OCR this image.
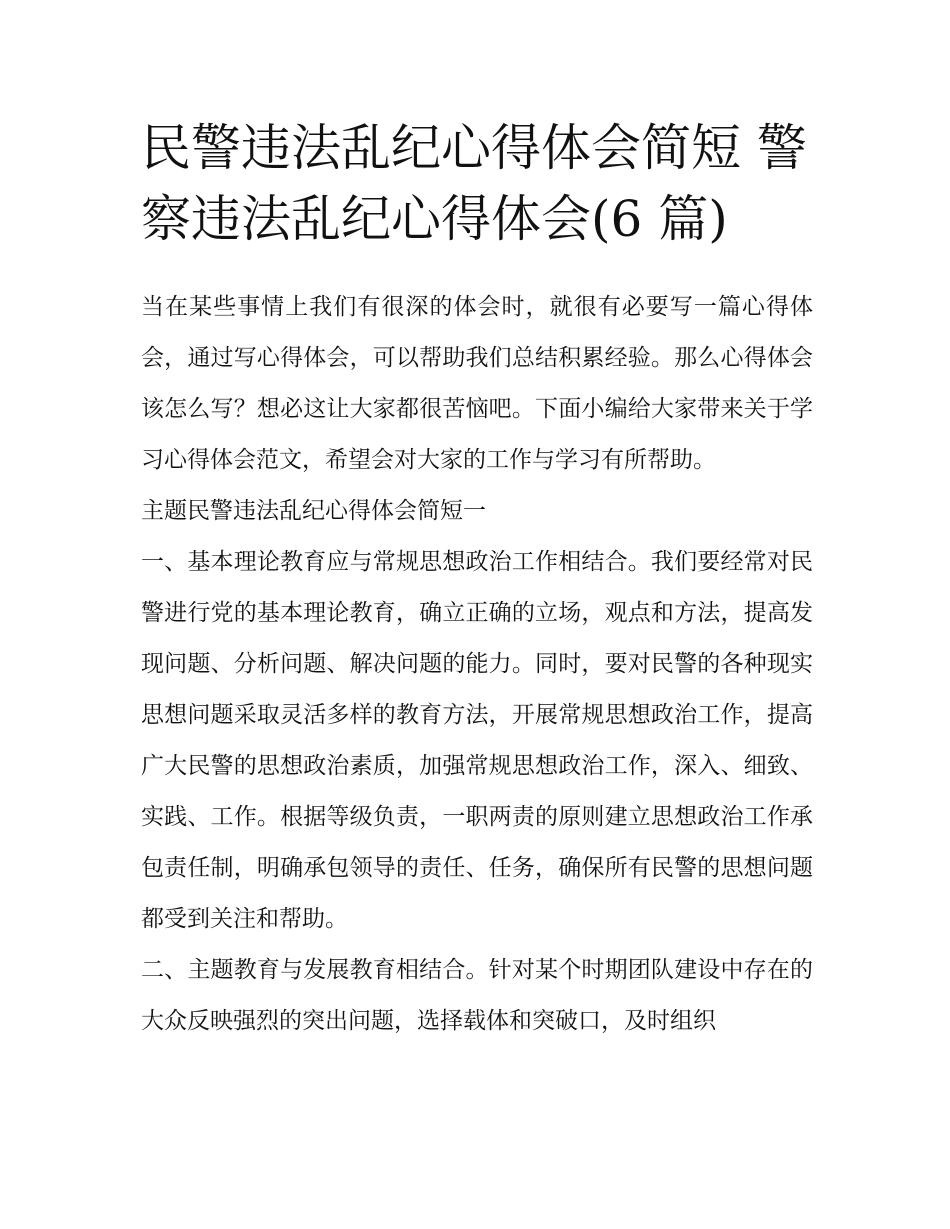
民警违法乱纪心得体会简短 警
察违法乱纪心得体会(6 篇)

当在某些事情上我们有很深的体会时，就很有必要写一篇心得体会，通过写心得体会，可以帮助我们总结积累经验。那么心得体会该怎么写？想必这让大家都很苦恼吧。下面小编给大家带来关于学习心得体会范文，希望会对大家的工作与学习有所帮助。

主题民警违法乱纪心得体会简短一

一、基本理论教育应与常规思想政治工作相结合。我们要经常对民警进行党的基本理论教育，确立正确的立场，观点和方法，提高发现问题、分析问题、解决问题的能力。同时，要对民警的各种现实思想问题采取灵活多样的教育方法，开展常规思想政治工作，提高广大民警的思想政治素质，加强常规思想政治工作，深入、细致、实践、工作。根据等级负责，一职两责的原则建立思想政治工作承包责任制，明确承包领导的责任、任务，确保所有民警的思想问题都受到关注和帮助。

二、主题教育与发展教育相结合。针对某个时期团队建设中存在的大众反映强烈的突出问题，选择载体和突破口，及时组织
